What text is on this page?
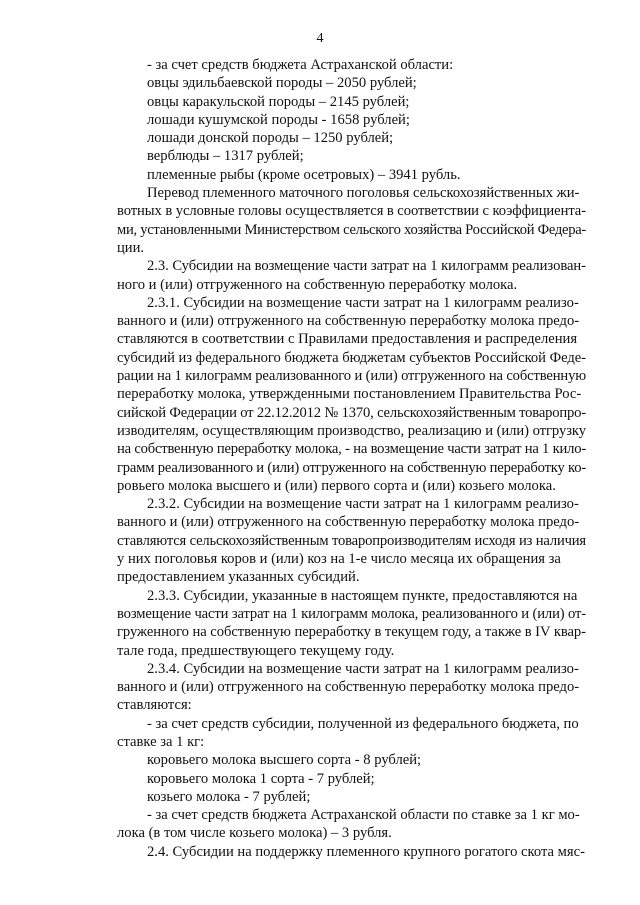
4
- за счет средств бюджета Астраханской области:
овцы эдильбаевской породы – 2050 рублей;
овцы каракульской породы – 2145 рублей;
лошади кушумской породы - 1658 рублей;
лошади донской породы – 1250 рублей;
верблюды – 1317 рублей;
племенные рыбы (кроме осетровых) – 3941 рубль.
Перевод племенного маточного поголовья сельскохозяйственных жи-
вотных в условные головы осуществляется в соответствии с коэффициента-
ми, установленными Министерством сельского хозяйства Российской Федера-
ции.
2.3. Субсидии на возмещение части затрат на 1 килограмм реализован-
ного и (или) отгруженного на собственную переработку молока.
2.3.1. Субсидии на возмещение части затрат на 1 килограмм реализо-
ванного и (или) отгруженного на собственную переработку молока предо-
ставляются в соответствии с Правилами предоставления и распределения
субсидий из федерального бюджета бюджетам субъектов Российской Феде-
рации на 1 килограмм реализованного и (или) отгруженного на собственную
переработку молока, утвержденными постановлением Правительства Рос-
сийской Федерации от 22.12.2012 № 1370, сельскохозяйственным товаропро-
изводителям, осуществляющим производство, реализацию и (или) отгрузку
на собственную переработку молока, - на возмещение части затрат на 1 кило-
грамм реализованного и (или) отгруженного на собственную переработку ко-
ровьего молока высшего и (или) первого сорта и (или) козьего молока.
2.3.2. Субсидии на возмещение части затрат на 1 килограмм реализо-
ванного и (или) отгруженного на собственную переработку молока предо-
ставляются сельскохозяйственным товаропроизводителям исходя из наличия
у них поголовья коров и (или) коз на 1-е число месяца их обращения за
предоставлением указанных субсидий.
2.3.3. Субсидии, указанные в настоящем пункте, предоставляются на
возмещение части затрат на 1 килограмм молока, реализованного и (или) от-
груженного на собственную переработку в текущем году, а также в IV квар-
тале года, предшествующего текущему году.
2.3.4. Субсидии на возмещение части затрат на 1 килограмм реализо-
ванного и (или) отгруженного на собственную переработку молока предо-
ставляются:
- за счет средств субсидии, полученной из федерального бюджета, по
ставке за 1 кг:
коровьего молока высшего сорта - 8 рублей;
коровьего молока 1 сорта - 7 рублей;
козьего молока - 7 рублей;
- за счет средств бюджета Астраханской области по ставке за 1 кг мо-
лока (в том числе козьего молока) – 3 рубля.
2.4. Субсидии на поддержку племенного крупного рогатого скота мяс-
